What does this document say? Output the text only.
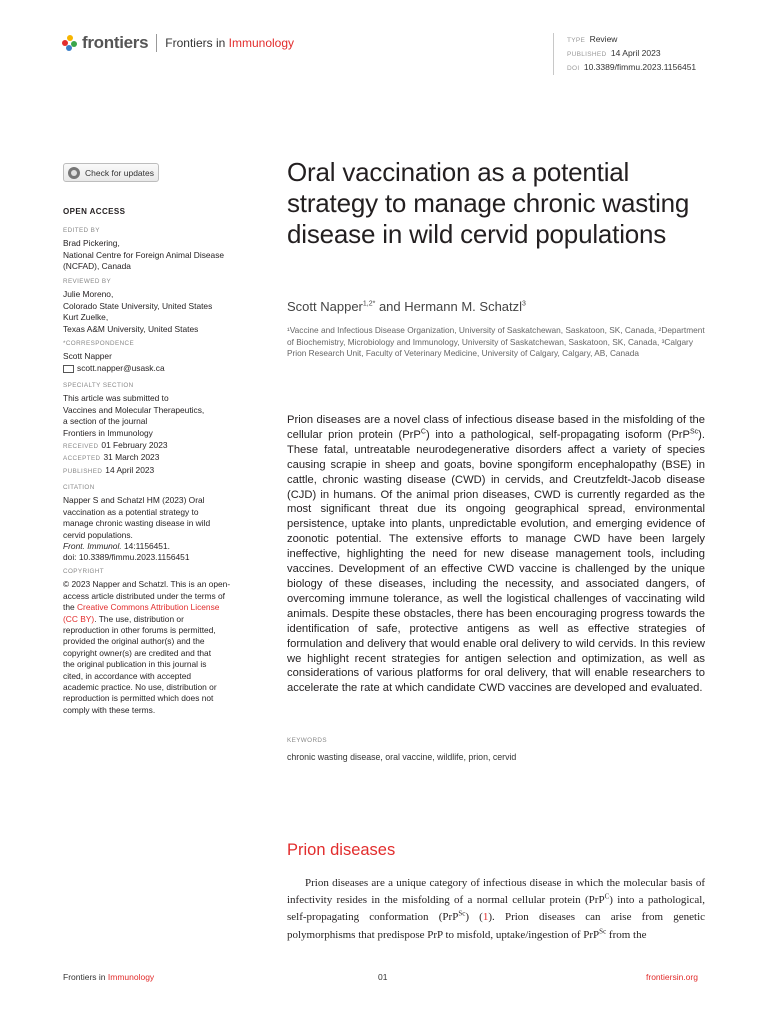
frontiers Frontiers in Immunology	TYPE Review
PUBLISHED 14 April 2023
DOI 10.3389/fimmu.2023.1156451
Check for updates
OPEN ACCESS
EDITED BY
Brad Pickering,
National Centre for Foreign Animal Disease
(NCFAD), Canada
REVIEWED BY
Julie Moreno,
Colorado State University, United States
Kurt Zuelke,
Texas A&M University, United States
*CORRESPONDENCE
Scott Napper
scott.napper@usask.ca
SPECIALTY SECTION
This article was submitted to
Vaccines and Molecular Therapeutics,
a section of the journal
Frontiers in Immunology
RECEIVED 01 February 2023
ACCEPTED 31 March 2023
PUBLISHED 14 April 2023
CITATION
Napper S and Schatzl HM (2023) Oral
vaccination as a potential strategy to
manage chronic wasting disease in wild
cervid populations.
Front. Immunol. 14:1156451.
doi: 10.3389/fimmu.2023.1156451
COPYRIGHT
© 2023 Napper and Schatzl. This is an open-
access article distributed under the terms of
the Creative Commons Attribution License
(CC BY). The use, distribution or
reproduction in other forums is permitted,
provided the original author(s) and the
copyright owner(s) are credited and that
the original publication in this journal is
cited, in accordance with accepted
academic practice. No use, distribution or
reproduction is permitted which does not
comply with these terms.
Oral vaccination as a potential strategy to manage chronic wasting disease in wild cervid populations
Scott Napper$^{1,2*}$ and Hermann M. Schatzl$^3$
¹Vaccine and Infectious Disease Organization, University of Saskatchewan, Saskatoon, SK, Canada, ²Department of Biochemistry, Microbiology and Immunology, University of Saskatchewan, Saskatoon, SK, Canada, ³Calgary Prion Research Unit, Faculty of Veterinary Medicine, University of Calgary, Calgary, AB, Canada
Prion diseases are a novel class of infectious disease based in the misfolding of the cellular prion protein (PrP$^C$) into a pathological, self-propagating isoform (PrP$^{Sc}$). These fatal, untreatable neurodegenerative disorders affect a variety of species causing scrapie in sheep and goats, bovine spongiform encephalopathy (BSE) in cattle, chronic wasting disease (CWD) in cervids, and Creutzfeldt-Jacob disease (CJD) in humans. Of the animal prion diseases, CWD is currently regarded as the most significant threat due its ongoing geographical spread, environmental persistence, uptake into plants, unpredictable evolution, and emerging evidence of zoonotic potential. The extensive efforts to manage CWD have been largely ineffective, highlighting the need for new disease management tools, including vaccines. Development of an effective CWD vaccine is challenged by the unique biology of these diseases, including the necessity, and associated dangers, of overcoming immune tolerance, as well the logistical challenges of vaccinating wild animals. Despite these obstacles, there has been encouraging progress towards the identification of safe, protective antigens as well as effective strategies of formulation and delivery that would enable oral delivery to wild cervids. In this review we highlight recent strategies for antigen selection and optimization, as well as considerations of various platforms for oral delivery, that will enable researchers to accelerate the rate at which candidate CWD vaccines are developed and evaluated.
KEYWORDS
chronic wasting disease, oral vaccine, wildlife, prion, cervid
Prion diseases
Prion diseases are a unique category of infectious disease in which the molecular basis of infectivity resides in the misfolding of a normal cellular protein (PrP$^C$) into a pathological, self-propagating conformation (PrP$^{Sc}$) (1). Prion diseases can arise from genetic polymorphisms that predispose PrP to misfold, uptake/ingestion of PrP$^{Sc}$ from the
Frontiers in Immunology	01	frontiersin.org
